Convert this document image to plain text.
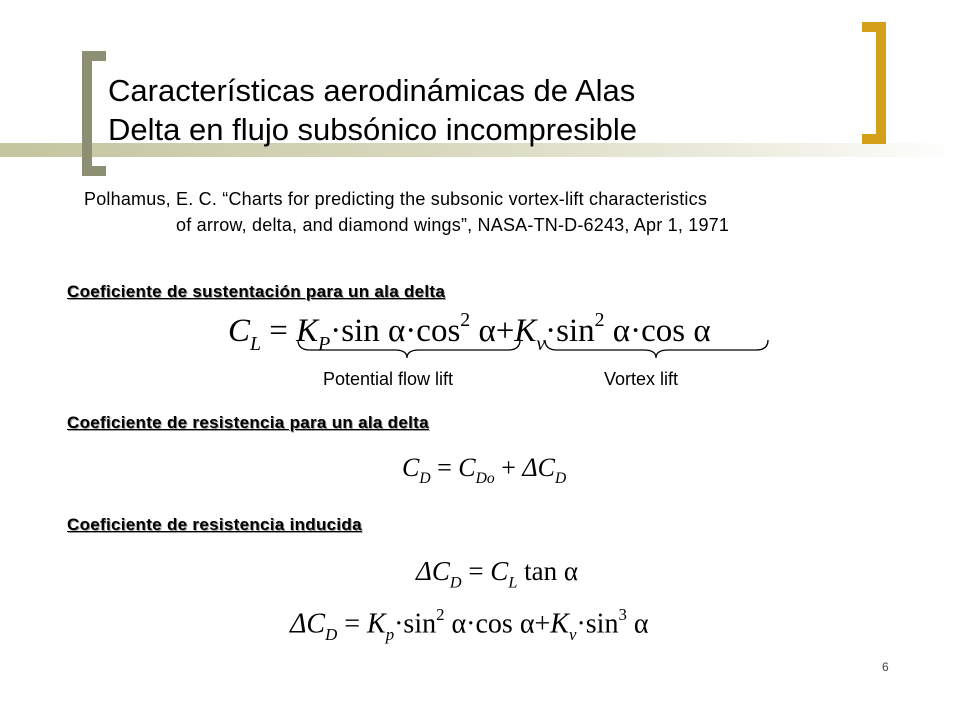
Características aerodinámicas de Alas
Delta en flujo subsónico incompresible
Polhamus, E. C. “Charts for predicting the subsonic vortex-lift characteristics
of arrow, delta, and diamond wings”, NASA-TN-D-6243, Apr 1, 1971
Coeficiente de sustentación para un ala delta
$C_L = K_P\cdot\sin$ $\alpha\cdot\cos^2$ $\alpha+K_v\cdot\sin^2$ α·cos α
Potential flow lift	Vortex lift
Coeficiente de resistencia para un ala delta
$C_D = C_{Do} + \Delta C_D$
Coeficiente de resistencia inducida
$\Delta C_D = C_L$ tan α
$\Delta C_D = K_p\cdot\sin^2$ α·cos $\alpha+K_v\cdot\sin^3$ α
6
